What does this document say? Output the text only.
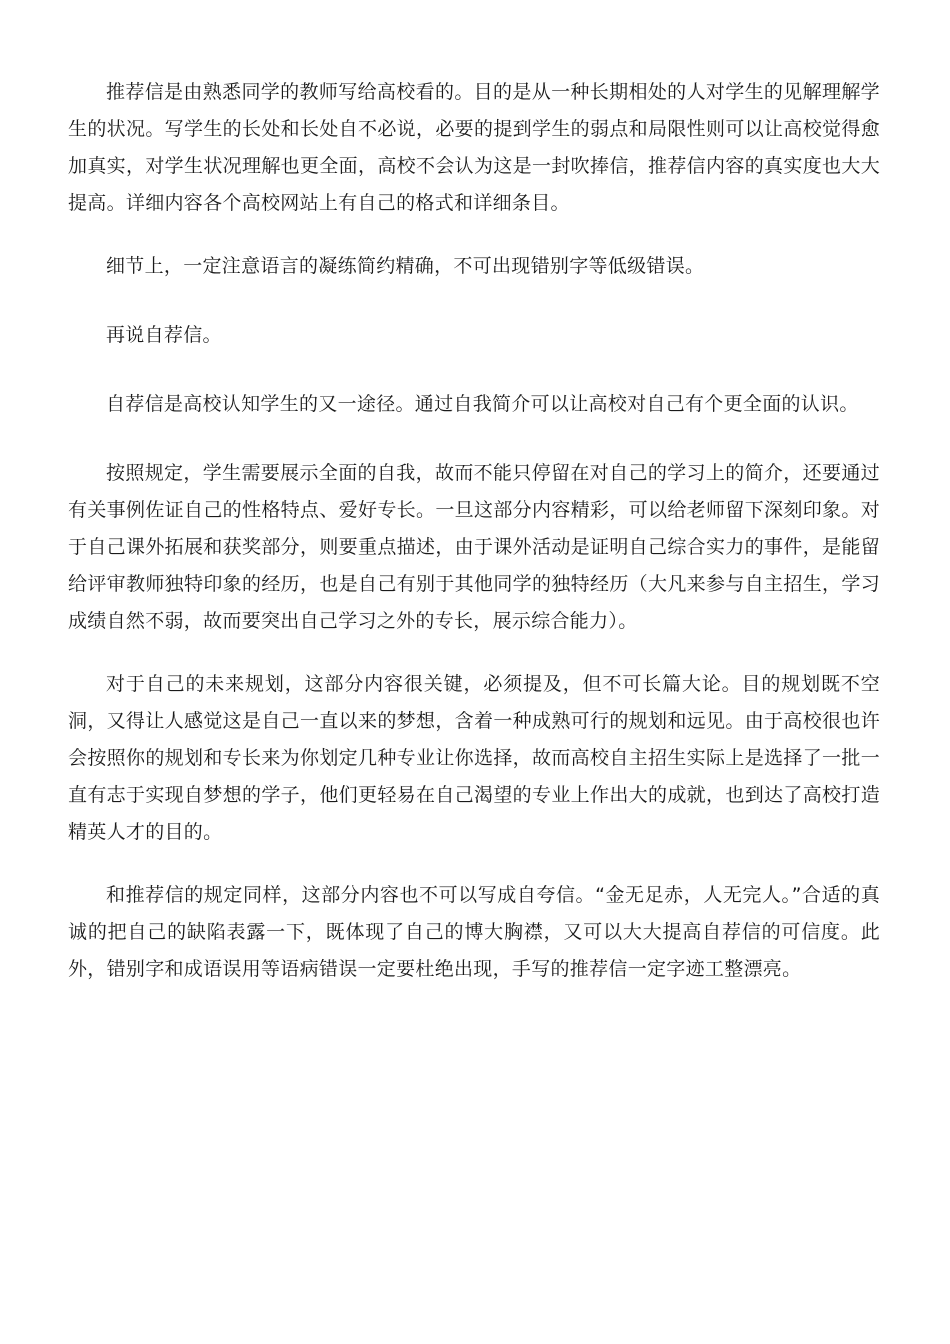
推荐信是由熟悉同学的教师写给高校看的。目的是从一种长期相处的人对学生的见解理解学生的状况。写学生的长处和长处自不必说，必要的提到学生的弱点和局限性则可以让高校觉得愈加真实，对学生状况理解也更全面，高校不会认为这是一封吹捧信，推荐信内容的真实度也大大提高。详细内容各个高校网站上有自己的格式和详细条目。

细节上，一定注意语言的凝练简约精确，不可出现错别字等低级错误。

再说自荐信。

自荐信是高校认知学生的又一途径。通过自我简介可以让高校对自己有个更全面的认识。

按照规定，学生需要展示全面的自我，故而不能只停留在对自己的学习上的简介，还要通过有关事例佐证自己的性格特点、爱好专长。一旦这部分内容精彩，可以给老师留下深刻印象。对于自己课外拓展和获奖部分，则要重点描述，由于课外活动是证明自己综合实力的事件，是能留给评审教师独特印象的经历，也是自己有别于其他同学的独特经历（大凡来参与自主招生，学习成绩自然不弱，故而要突出自己学习之外的专长，展示综合能力）。

对于自己的未来规划，这部分内容很关键，必须提及，但不可长篇大论。目的规划既不空洞，又得让人感觉这是自己一直以来的梦想，含着一种成熟可行的规划和远见。由于高校很也许会按照你的规划和专长来为你划定几种专业让你选择，故而高校自主招生实际上是选择了一批一直有志于实现自梦想的学子，他们更轻易在自己渴望的专业上作出大的成就，也到达了高校打造精英人才的目的。

和推荐信的规定同样，这部分内容也不可以写成自夸信。“金无足赤，人无完人。”合适的真诚的把自己的缺陷表露一下，既体现了自己的博大胸襟，又可以大大提高自荐信的可信度。此外，错别字和成语误用等语病错误一定要杜绝出现，手写的推荐信一定字迹工整漂亮。
